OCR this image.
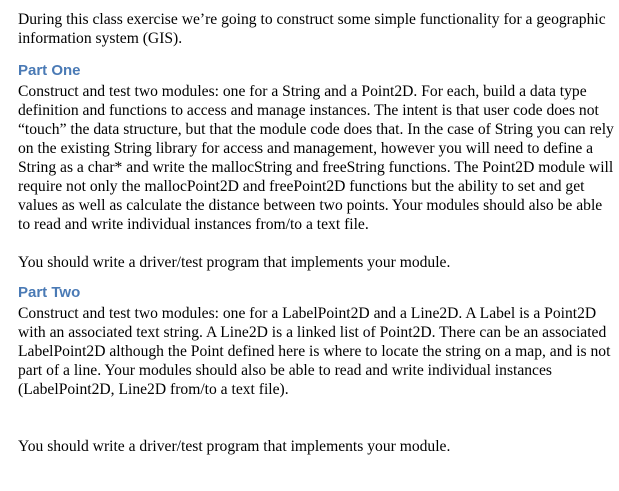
During this class exercise we’re going to construct some simple functionality for a geographic information system (GIS).

Part One

Construct and test two modules: one for a String and a Point2D. For each, build a data type definition and functions to access and manage instances. The intent is that user code does not “touch” the data structure, but that the module code does that. In the case of String you can rely on the existing String library for access and management, however you will need to define a String as a char* and write the mallocString and freeString functions. The Point2D module will require not only the mallocPoint2D and freePoint2D functions but the ability to set and get values as well as calculate the distance between two points. Your modules should also be able to read and write individual instances from/to a text file.

You should write a driver/test program that implements your module.

Part Two

Construct and test two modules: one for a LabelPoint2D and a Line2D. A Label is a Point2D with an associated text string. A Line2D is a linked list of Point2D. There can be an associated LabelPoint2D although the Point defined here is where to locate the string on a map, and is not part of a line. Your modules should also be able to read and write individual instances (LabelPoint2D, Line2D from/to a text file).

You should write a driver/test program that implements your module.
